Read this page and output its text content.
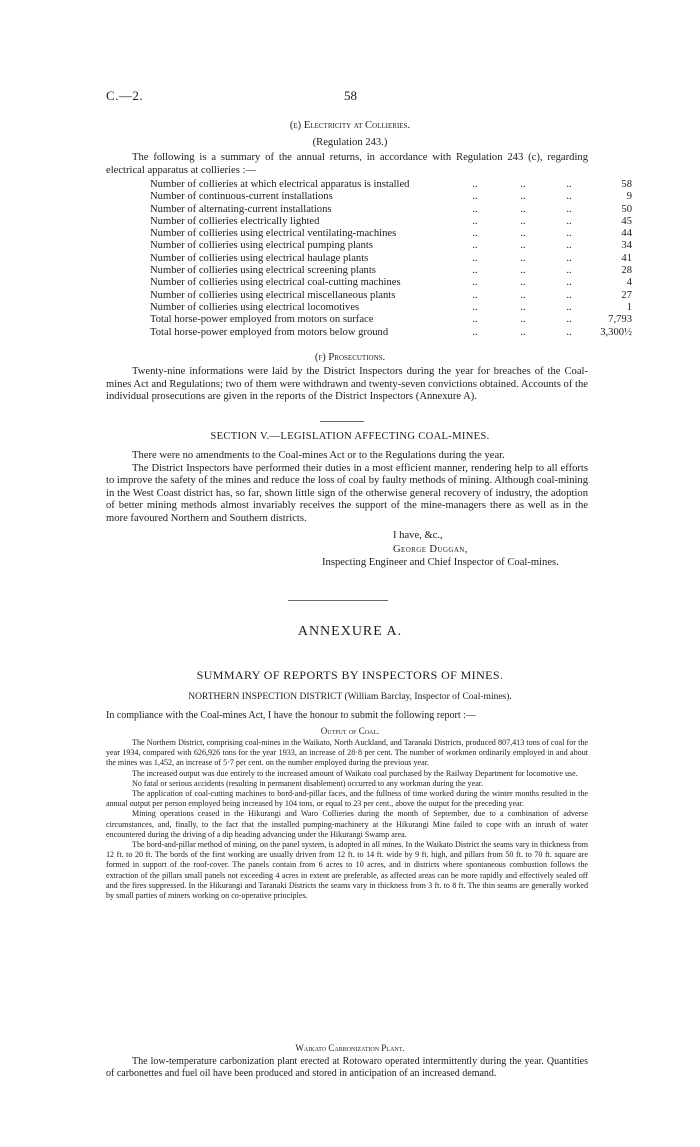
C.—2.	58
(e) Electricity at Collieries.
(Regulation 243.)

The following is a summary of the annual returns, in accordance with Regulation 243 (c), regarding electrical apparatus at collieries :—

Number of collieries at which electrical apparatus is installed	..	..	..	58
Number of continuous-current installations	..	..	..	9
Number of alternating-current installations	..	..	..	50
Number of collieries electrically lighted	..	..	..	45
Number of collieries using electrical ventilating-machines	..	..	..	44
Number of collieries using electrical pumping plants	..	..	..	34
Number of collieries using electrical haulage plants	..	..	..	41
Number of collieries using electrical screening plants	..	..	..	28
Number of collieries using electrical coal-cutting machines	..	..	..	4
Number of collieries using electrical miscellaneous plants	..	..	..	27
Number of collieries using electrical locomotives	..	..	..	1
Total horse-power employed from motors on surface	..	..	..	7,793
Total horse-power employed from motors below ground	..	..	..	3,300½
(f) Prosecutions.

Twenty-nine informations were laid by the District Inspectors during the year for breaches of the Coal-mines Act and Regulations; two of them were withdrawn and twenty-seven convictions obtained. Accounts of the individual prosecutions are given in the reports of the District Inspectors (Annexure A).

SECTION V.—LEGISLATION AFFECTING COAL-MINES.

There were no amendments to the Coal-mines Act or to the Regulations during the year.

The District Inspectors have performed their duties in a most efficient manner, rendering help to all efforts to improve the safety of the mines and reduce the loss of coal by faulty methods of mining. Although coal-mining in the West Coast district has, so far, shown little sign of the otherwise general recovery of industry, the adoption of better mining methods almost invariably receives the support of the mine-managers there as well as in the more favoured Northern and Southern districts.

I have, &c.,
George Duggan,
Inspecting Engineer and Chief Inspector of Coal-mines.
ANNEXURE A.
SUMMARY OF REPORTS BY INSPECTORS OF MINES.
NORTHERN INSPECTION DISTRICT (William Barclay, Inspector of Coal-mines).
In compliance with the Coal-mines Act, I have the honour to submit the following report :—
Output of Coal.

The Northern District, comprising coal-mines in the Waikato, North Auckland, and Taranaki Districts, produced 807,413 tons of coal for the year 1934, compared with 626,926 tons for the year 1933, an increase of 28·8 per cent. The number of workmen ordinarily employed in and about the mines was 1,452, an increase of 5·7 per cent. on the number employed during the previous year.

The increased output was due entirely to the increased amount of Waikato coal purchased by the Railway Department for locomotive use.

No fatal or serious accidents (resulting in permanent disablement) occurred to any workman during the year.

The application of coal-cutting machines to bord-and-pillar faces, and the fullness of time worked during the winter months resulted in the annual output per person employed being increased by 104 tons, or equal to 23 per cent., above the output for the preceding year.

Mining operations ceased in the Hikurangi and Waro Collieries during the month of September, due to a combination of adverse circumstances, and, finally, to the fact that the installed pumping-machinery at the Hikurangi Mine failed to cope with an inrush of water encountered during the driving of a dip heading advancing under the Hikurangi Swamp area.

The bord-and-pillar method of mining, on the panel system, is adopted in all mines. In the Waikato District the seams vary in thickness from 12 ft. to 20 ft. The bords of the first working are usually driven from 12 ft. to 14 ft. wide by 9 ft. high, and pillars from 50 ft. to 70 ft. square are formed in support of the roof-cover. The panels contain from 6 acres to 10 acres, and in districts where spontaneous combustion follows the extraction of the pillars small panels not exceeding 4 acres in extent are preferable, as affected areas can be more rapidly and effectively sealed off and the fires suppressed. In the Hikurangi and Taranaki Districts the seams vary in thickness from 3 ft. to 8 ft. The thin seams are generally worked by small parties of miners working on co-operative principles.

Waikato Carbonization Plant.

The low-temperature carbonization plant erected at Rotowaro operated intermittently during the year. Quantities of carbonettes and fuel oil have been produced and stored in anticipation of an increased demand.
